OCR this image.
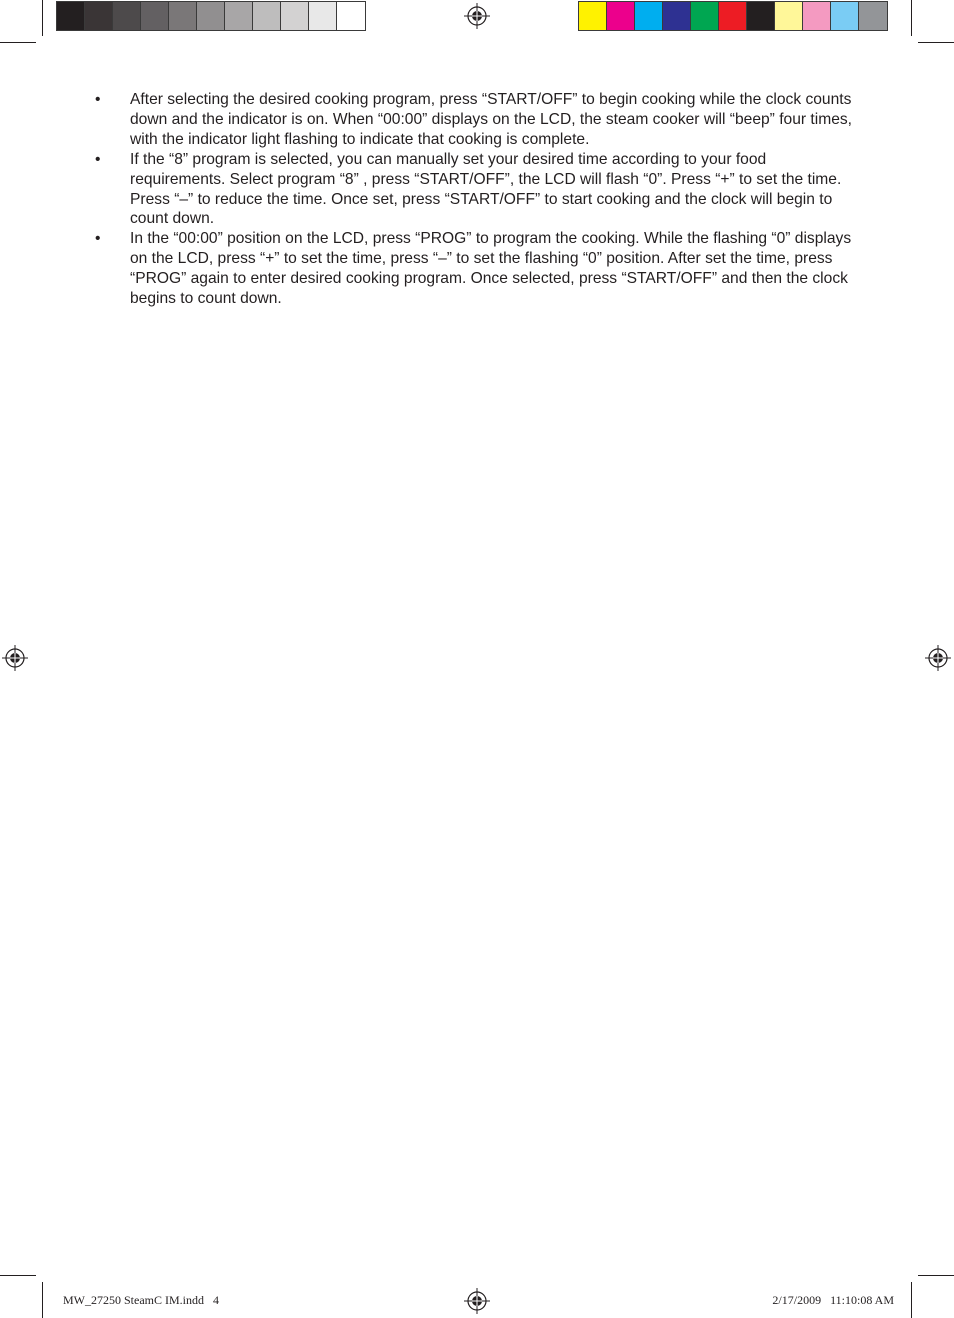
•	After selecting the desired cooking program, press “START/OFF” to begin cooking while the clock counts down and the indicator is on. When “00:00” displays on the LCD, the steam cooker will “beep” four times, with the indicator light flashing to indicate that cooking is complete.
•	If the “8” program is selected, you can manually set your desired time according to your food requirements. Select program “8” , press “START/OFF”, the LCD will flash “0”. Press “+” to set the time. Press “–” to reduce the time. Once set, press “START/OFF” to start cooking and the clock will begin to count down.
•	In the “00:00” position on the LCD, press “PROG” to program the cooking. While the flashing “0” displays on the LCD, press “+” to set the time, press “–” to set the flashing “0” position. After set the time, press “PROG” again to enter desired cooking program. Once selected, press “START/OFF” and then the clock begins to count down.
MW_27250 SteamC IM.indd   4	2/17/2009   11:10:08 AM
